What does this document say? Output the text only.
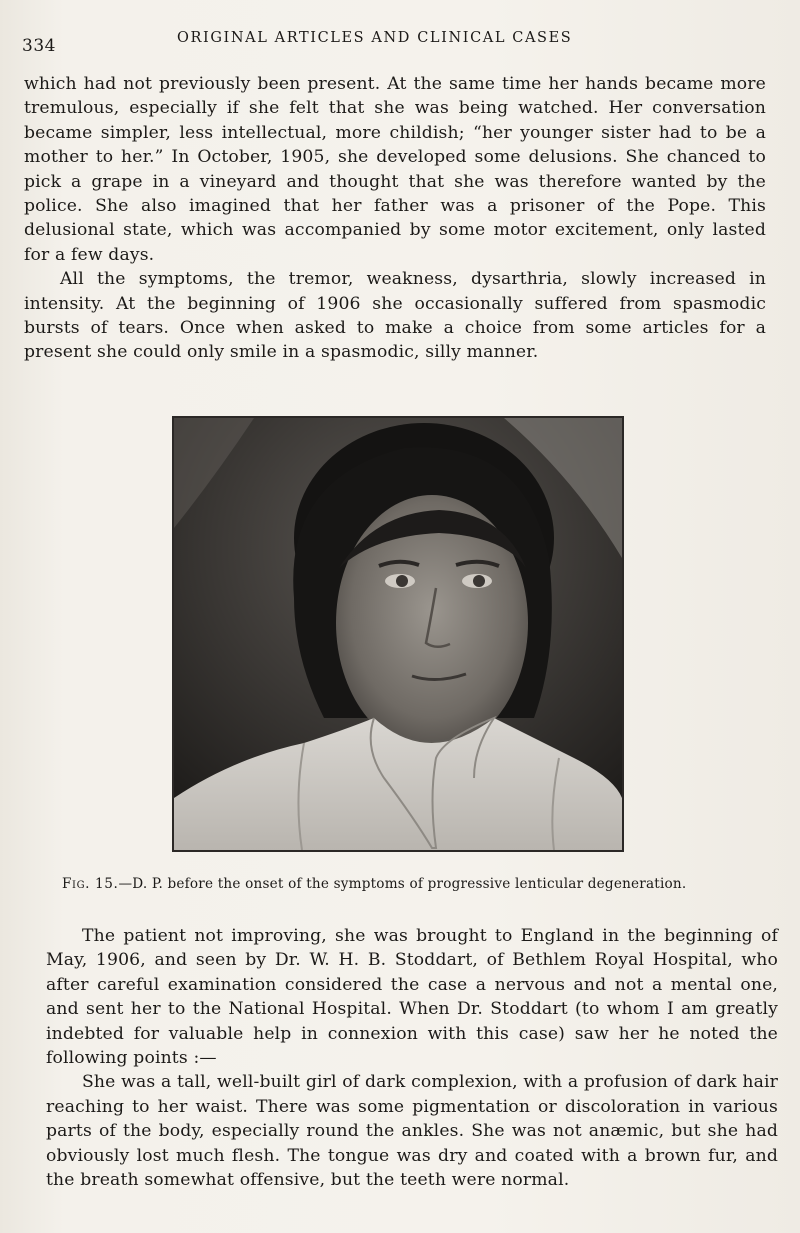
334	ORIGINAL ARTICLES AND CLINICAL CASES

which had not previously been present. At the same time her hands became more tremulous, especially if she felt that she was being watched. Her conversation became simpler, less intellectual, more childish; “her younger sister had to be a mother to her.” In October, 1905, she developed some delusions. She chanced to pick a grape in a vineyard and thought that she was therefore wanted by the police. She also imagined that her father was a prisoner of the Pope. This delusional state, which was accompanied by some motor excitement, only lasted for a few days.

All the symptoms, the tremor, weakness, dysarthria, slowly increased in intensity. At the beginning of 1906 she occasionally suffered from spasmodic bursts of tears. Once when asked to make a choice from some articles for a present she could only smile in a spasmodic, silly manner.

Fig. 15.—D. P. before the onset of the symptoms of progressive lenticular degeneration.

The patient not improving, she was brought to England in the beginning of May, 1906, and seen by Dr. W. H. B. Stoddart, of Bethlem Royal Hospital, who after careful examination considered the case a nervous and not a mental one, and sent her to the National Hospital. When Dr. Stoddart (to whom I am greatly indebted for valuable help in connexion with this case) saw her he noted the following points :—

She was a tall, well-built girl of dark complexion, with a profusion of dark hair reaching to her waist. There was some pigmentation or discoloration in various parts of the body, especially round the ankles. She was not anæmic, but she had obviously lost much flesh. The tongue was dry and coated with a brown fur, and the breath somewhat offensive, but the teeth were normal.
